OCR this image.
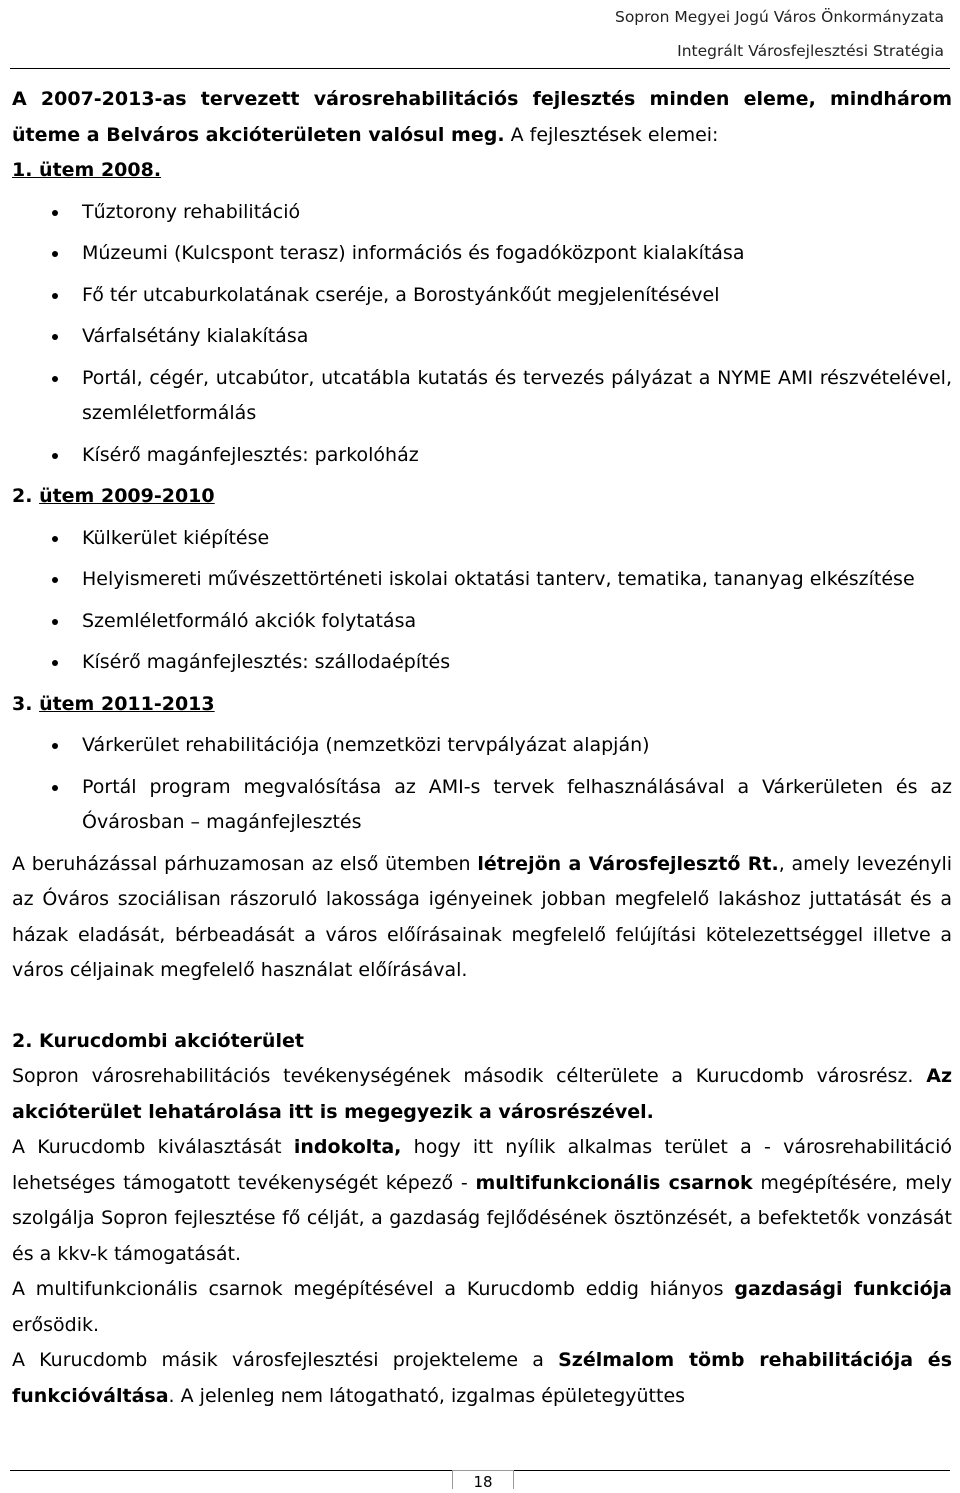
Sopron Megyei Jogú Város Önkormányzata
Integrált Városfejlesztési Stratégia

A 2007-2013-as tervezett városrehabilitációs fejlesztés minden eleme, mindhárom üteme a Belváros akcióterületen valósul meg. A fejlesztések elemei:

1. ütem 2008.

Tűztorony rehabilitáció
Múzeumi (Kulcspont terasz) információs és fogadóközpont kialakítása
Fő tér utcaburkolatának cseréje, a Borostyánkőút megjelenítésével
Várfalsétány kialakítása
Portál, cégér, utcabútor, utcatábla kutatás és tervezés pályázat a NYME AMI részvételével, szemléletformálás
Kísérő magánfejlesztés: parkolóház

2. ütem 2009-2010

Külkerület kiépítése
Helyismereti művészettörténeti iskolai oktatási tanterv, tematika, tananyag elkészítése
Szemléletformáló akciók folytatása
Kísérő magánfejlesztés: szállodaépítés

3. ütem 2011-2013

Várkerület rehabilitációja (nemzetközi tervpályázat alapján)
Portál program megvalósítása az AMI-s tervek felhasználásával a Várkerületen és az Óvárosban – magánfejlesztés

A beruházással párhuzamosan az első ütemben létrejön a Városfejlesztő Rt., amely levezényli az Óváros szociálisan rászoruló lakossága igényeinek jobban megfelelő lakáshoz juttatását és a házak eladását, bérbeadását a város előírásainak megfelelő felújítási kötelezettséggel illetve a város céljainak megfelelő használat előírásával.

2. Kurucdombi akcióterület

Sopron városrehabilitációs tevékenységének második célterülete a Kurucdomb városrész. Az akcióterület lehatárolása itt is megegyezik a városrészével.

A Kurucdomb kiválasztását indokolta, hogy itt nyílik alkalmas terület a - városrehabilitáció lehetséges támogatott tevékenységét képező - multifunkcionális csarnok megépítésére, mely szolgálja Sopron fejlesztése fő célját, a gazdaság fejlődésének ösztönzését, a befektetők vonzását és a kkv-k támogatását.

A multifunkcionális csarnok megépítésével a Kurucdomb eddig hiányos gazdasági funkciója erősödik.

A Kurucdomb másik városfejlesztési projekteleme a Szélmalom tömb rehabilitációja és funkcióváltása. A jelenleg nem látogatható, izgalmas épületegyüttes

18
